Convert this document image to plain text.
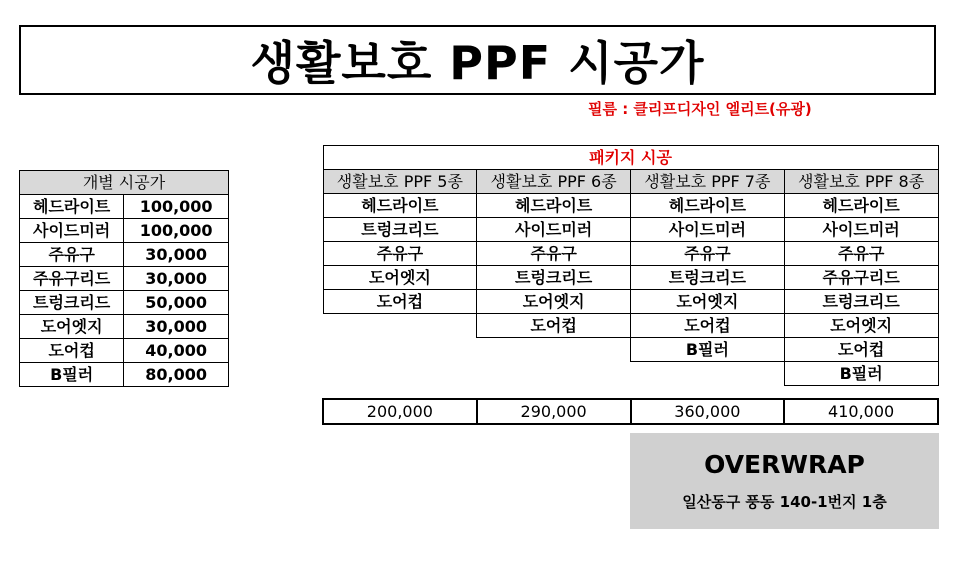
생활보호 PPF 시공가
필름 : 클리프디자인 엘리트(유광)
개별 시공가	
헤드라이트	100,000
사이드미러	100,000
주유구	30,000
주유구리드	30,000
트렁크리드	50,000
도어엣지	30,000
도어컵	40,000
B필러	80,000
패키지 시공			
생활보호 PPF 5종	생활보호 PPF 6종	생활보호 PPF 7종	생활보호 PPF 8종
헤드라이트	헤드라이트	헤드라이트	헤드라이트
트렁크리드	사이드미러	사이드미러	사이드미러
주유구	주유구	주유구	주유구
도어엣지	트렁크리드	트렁크리드	주유구리드
도어컵	도어엣지	도어엣지	트렁크리드
	도어컵	도어컵	도어엣지
		B필러	도어컵
			B필러

200,000	290,000	360,000	410,000
OVERWRAP
일산동구 풍동 140-1번지 1층
